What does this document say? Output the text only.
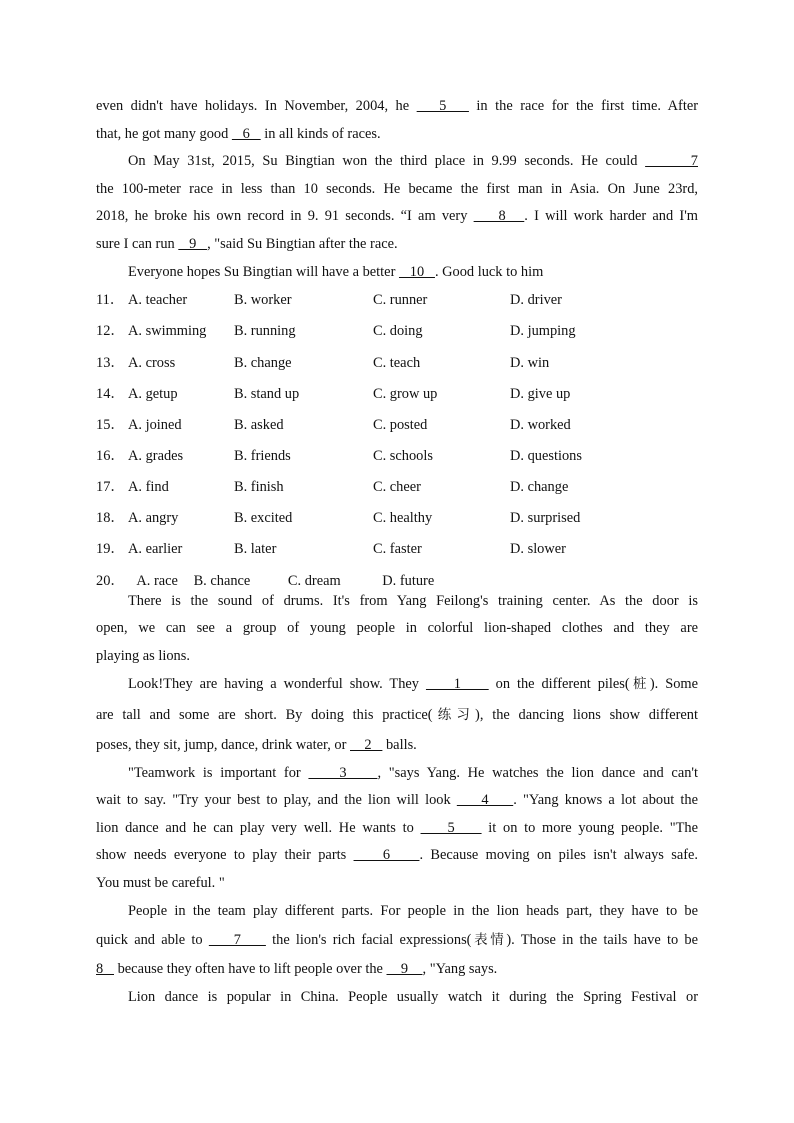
even didn't have holidays. In November, 2004, he    5    in the race for the first time. After
that, he got many good    6    in all kinds of races.
On May 31st, 2015, Su Bingtian won the third place in 9.99 seconds. He could       7
the 100-meter race in less than 10 seconds. He became the first man in Asia. On June 23rd,
2018, he broke his own record in 9. 91 seconds. “I am very     8   . I will work harder and I'm
sure I can run    9   , "said Su Bingtian after the race.
Everyone hopes Su Bingtian will have a better    10   . Good luck to him
11． A. teacher	B. worker	C. runner	D. driver
12． A. swimming B. running	C. doing	D. jumping
13． A. cross	B. change	C. teach	D. win
14． A. getup	B. stand up	C. grow up	D. give up
15． A. joined	B. asked	C. posted	D. worked
16． A. grades	B. friends	C. schools	D. questions
17． A. find	B. finish	C. cheer	D. change
18． A. angry	B. excited	C. healthy	D. surprised
19． A. earlier	B. later	C. faster	D. slower
20． A. race B. chance	C. dream	D. future
There is the sound of drums. It's from Yang Feilong's training center. As the door is
open, we can see a group of young people in colorful lion-shaped clothes and they are
playing as lions.
Look!They are having a wonderful show. They     1     on the different piles(桩). Some
are tall and some are short. By doing this practice(练习), the dancing lions show different
poses, they sit, jump, dance, drink water, or     2    balls.
"Teamwork is important for     3    , "says Yang. He watches the lion dance and can't
wait to say. "Try your best to play, and the lion will look     4    . "Yang knows a lot about the
lion dance and he can play very well. He wants to     5     it on to more young people. "The
show needs everyone to play their parts     6    . Because moving on piles isn't always safe.
You must be careful. "
People in the team play different parts. For people in the lion heads part, they have to be
quick and able to     7     the lion's rich facial expressions(表情). Those in the tails have to be
8    because they often have to lift people over the     9    , "Yang says.
Lion dance is popular in China. People usually watch it during the Spring Festival or
